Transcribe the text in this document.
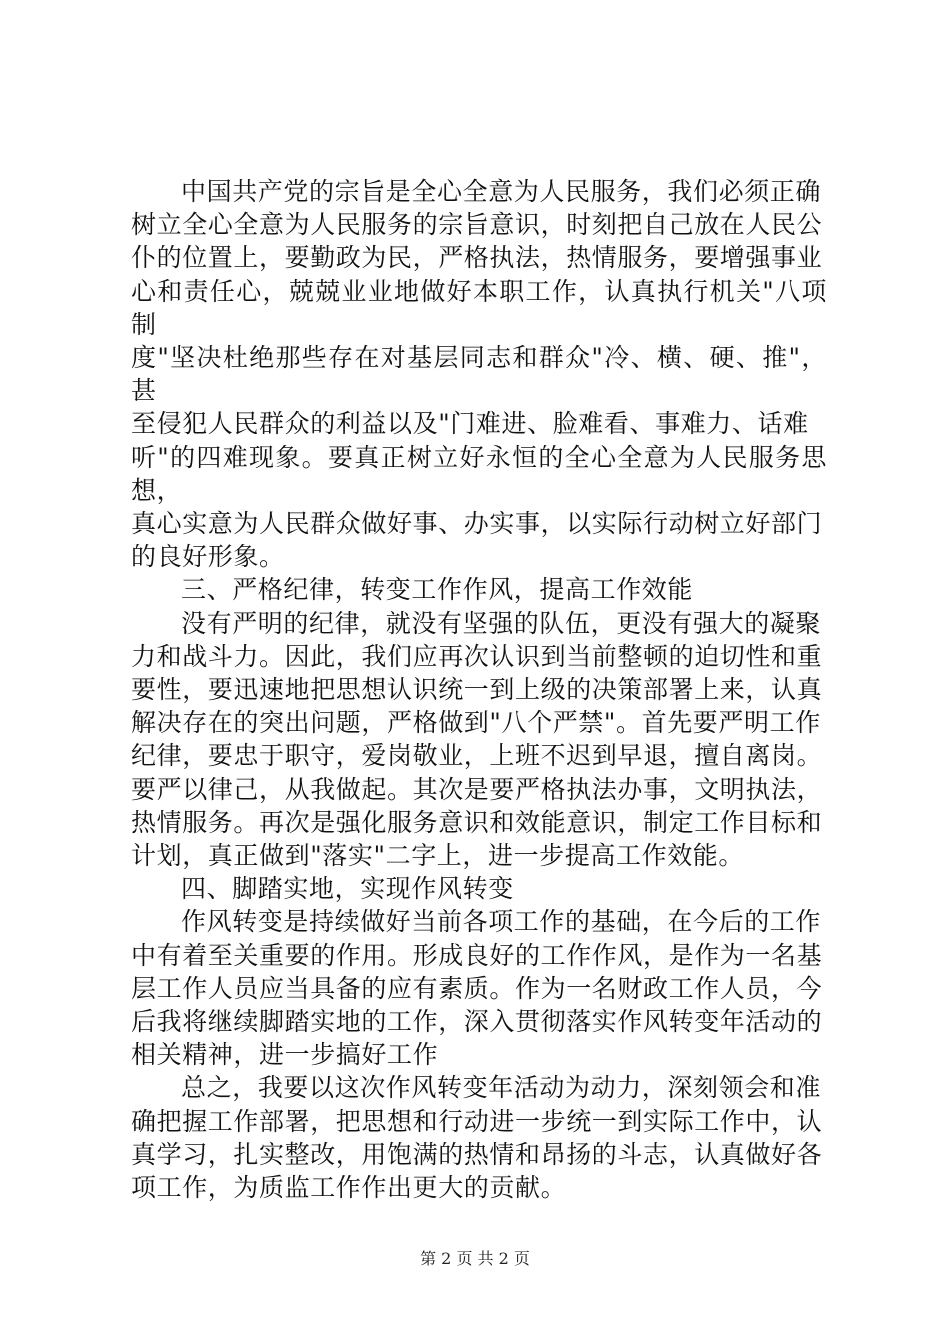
中国共产党的宗旨是全心全意为人民服务，我们必须正确
树立全心全意为人民服务的宗旨意识，时刻把自己放在人民公
仆的位置上，要勤政为民，严格执法，热情服务，要增强事业
心和责任心，兢兢业业地做好本职工作，认真执行机关"八项制
度"坚决杜绝那些存在对基层同志和群众"冷、横、硬、推"，甚
至侵犯人民群众的利益以及"门难进、脸难看、事难力、话难
听"的四难现象。要真正树立好永恒的全心全意为人民服务思想，
真心实意为人民群众做好事、办实事，以实际行动树立好部门
的良好形象。

三、严格纪律，转变工作作风，提高工作效能

没有严明的纪律，就没有坚强的队伍，更没有强大的凝聚
力和战斗力。因此，我们应再次认识到当前整顿的迫切性和重
要性，要迅速地把思想认识统一到上级的决策部署上来，认真
解决存在的突出问题，严格做到"八个严禁"。首先要严明工作
纪律，要忠于职守，爱岗敬业，上班不迟到早退，擅自离岗。
要严以律己，从我做起。其次是要严格执法办事，文明执法，
热情服务。再次是强化服务意识和效能意识，制定工作目标和
计划，真正做到"落实"二字上，进一步提高工作效能。

四、脚踏实地，实现作风转变

作风转变是持续做好当前各项工作的基础，在今后的工作
中有着至关重要的作用。形成良好的工作作风，是作为一名基
层工作人员应当具备的应有素质。作为一名财政工作人员，今
后我将继续脚踏实地的工作，深入贯彻落实作风转变年活动的
相关精神，进一步搞好工作

总之，我要以这次作风转变年活动为动力，深刻领会和准
确把握工作部署，把思想和行动进一步统一到实际工作中，认
真学习，扎实整改，用饱满的热情和昂扬的斗志，认真做好各
项工作，为质监工作作出更大的贡献。

第 2 页 共 2 页
